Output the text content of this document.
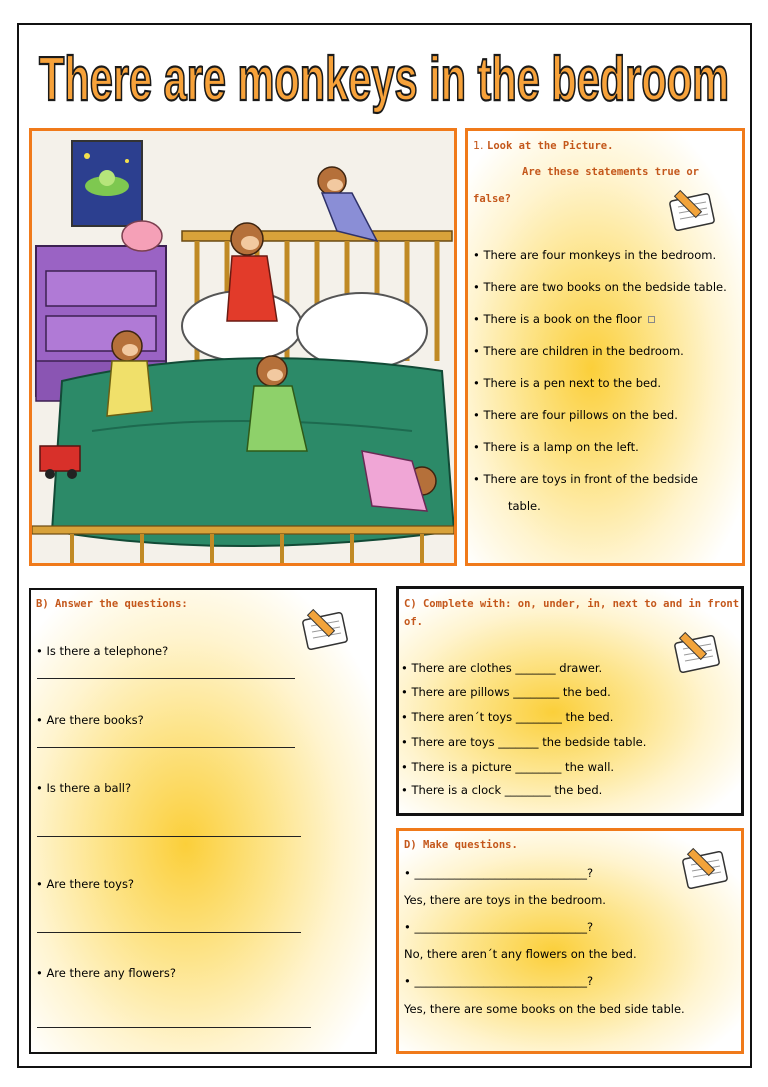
There are monkeys in the bedroom
1. Look at the Picture.
Are these statements true or
false?
• There are four monkeys in the bedroom.
• There are two books on the bedside table.
• There is a book on the floor
• There are children in the bedroom.
• There is a pen next to the bed.
• There are four pillows on the bed.
• There is a lamp on the left.
• There are toys in front of the bedside
table.
B) Answer the questions:
• Is there a telephone?
• Are there books?
• Is there a ball?
• Are there toys?
• Are there any flowers?
C) Complete with: on, under, in, next to and in front
of.
• There are clothes _______ drawer.
• There are pillows ________ the bed.
• There aren´t toys ________ the bed.
• There are toys _______ the bedside table.
• There is a picture ________ the wall.
• There is a clock ________ the bed.
D) Make questions.
• ______________________________?
Yes, there are toys in the bedroom.
• ______________________________?
No, there aren´t any flowers on the bed.
• ______________________________?
Yes, there are some books on the bed side table.
